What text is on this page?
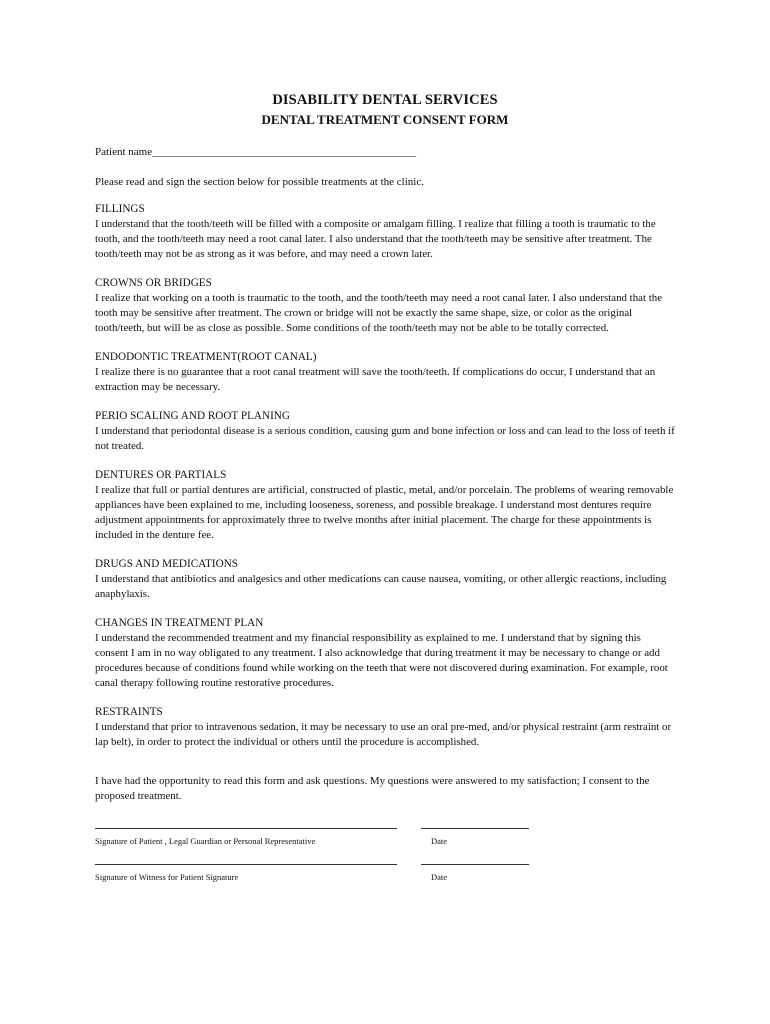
DISABILITY DENTAL SERVICES
DENTAL TREATMENT CONSENT FORM
Patient name________________________________________________
Please read and sign the section below for possible treatments at the clinic.
FILLINGS
I understand that the tooth/teeth will be filled with a composite or amalgam filling. I realize that filling a tooth is traumatic to the tooth, and the tooth/teeth may need a root canal later. I also understand that the tooth/teeth may be sensitive after treatment. The tooth/teeth may not be as strong as it was before, and may need a crown later.
CROWNS OR BRIDGES
I realize that working on a tooth is traumatic to the tooth, and the tooth/teeth may need a root canal later. I also understand that the tooth may be sensitive after treatment. The crown or bridge will not be exactly the same shape, size, or color as the original tooth/teeth, but will be as close as possible. Some conditions of the tooth/teeth may not be able to be totally corrected.
ENDODONTIC TREATMENT(ROOT CANAL)
I realize there is no guarantee that a root canal treatment will save the tooth/teeth. If complications do occur, I understand that an extraction may be necessary.
PERIO SCALING AND ROOT PLANING
I understand that periodontal disease is a serious condition, causing gum and bone infection or loss and can lead to the loss of teeth if not treated.
DENTURES OR PARTIALS
I realize that full or partial dentures are artificial, constructed of plastic, metal, and/or porcelain. The problems of wearing removable appliances have been explained to me, including looseness, soreness, and possible breakage. I understand most dentures require adjustment appointments for approximately three to twelve months after initial placement. The charge for these appointments is included in the denture fee.
DRUGS AND MEDICATIONS
I understand that antibiotics and analgesics and other medications can cause nausea, vomiting, or other allergic reactions, including anaphylaxis.
CHANGES IN TREATMENT PLAN
I understand the recommended treatment and my financial responsibility as explained to me. I understand that by signing this consent I am in no way obligated to any treatment. I also acknowledge that during treatment it may be necessary to change or add procedures because of conditions found while working on the teeth that were not discovered during examination. For example, root canal therapy following routine restorative procedures.
RESTRAINTS
I understand that prior to intravenous sedation, it may be necessary to use an oral pre-med, and/or physical restraint (arm restraint or lap belt), in order to protect the individual or others until the procedure is accomplished.
I have had the opportunity to read this form and ask questions. My questions were answered to my satisfaction; I consent to the proposed treatment.
Signature of Patient , Legal Guardian or Personal Representative	Date
Signature of Witness for Patient Signature	Date
